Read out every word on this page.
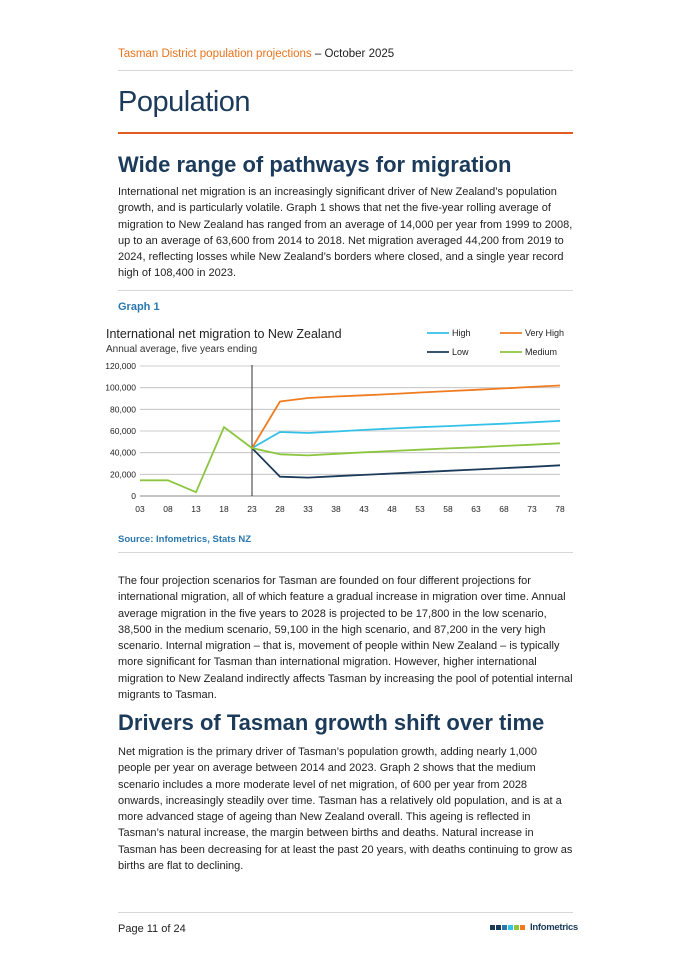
Tasman District population projections – October 2025
Population
Wide range of pathways for migration

International net migration is an increasingly significant driver of New Zealand’s population growth, and is particularly volatile. Graph 1 shows that net the five-year rolling average of migration to New Zealand has ranged from an average of 14,000 per year from 1999 to 2008, up to an average of 63,600 from 2014 to 2018. Net migration averaged 44,200 from 2019 to 2024, reflecting losses while New Zealand’s borders where closed, and a single year record high of 108,400 in 2023.

Graph 1
International net migration to New Zealand
Annual average, five years ending
0
20,000
40,000
60,000
80,000
100,000
120,000
03 08 13 18 23 28 33 38 43 48 53 58 63 68 73 78
High	Very High
Low	Medium
Source: Infometrics, Stats NZ

The four projection scenarios for Tasman are founded on four different projections for international migration, all of which feature a gradual increase in migration over time. Annual average migration in the five years to 2028 is projected to be 17,800 in the low scenario, 38,500 in the medium scenario, 59,100 in the high scenario, and 87,200 in the very high scenario. Internal migration – that is, movement of people within New Zealand – is typically more significant for Tasman than international migration. However, higher international migration to New Zealand indirectly affects Tasman by increasing the pool of potential internal migrants to Tasman.

Drivers of Tasman growth shift over time

Net migration is the primary driver of Tasman’s population growth, adding nearly 1,000 people per year on average between 2014 and 2023. Graph 2 shows that the medium scenario includes a more moderate level of net migration, of 600 per year from 2028 onwards, increasingly steadily over time. Tasman has a relatively old population, and is at a more advanced stage of ageing than New Zealand overall. This ageing is reflected in Tasman’s natural increase, the margin between births and deaths. Natural increase in Tasman has been decreasing for at least the past 20 years, with deaths continuing to grow as births are flat to declining.

Page 11 of 24	Infometrics
